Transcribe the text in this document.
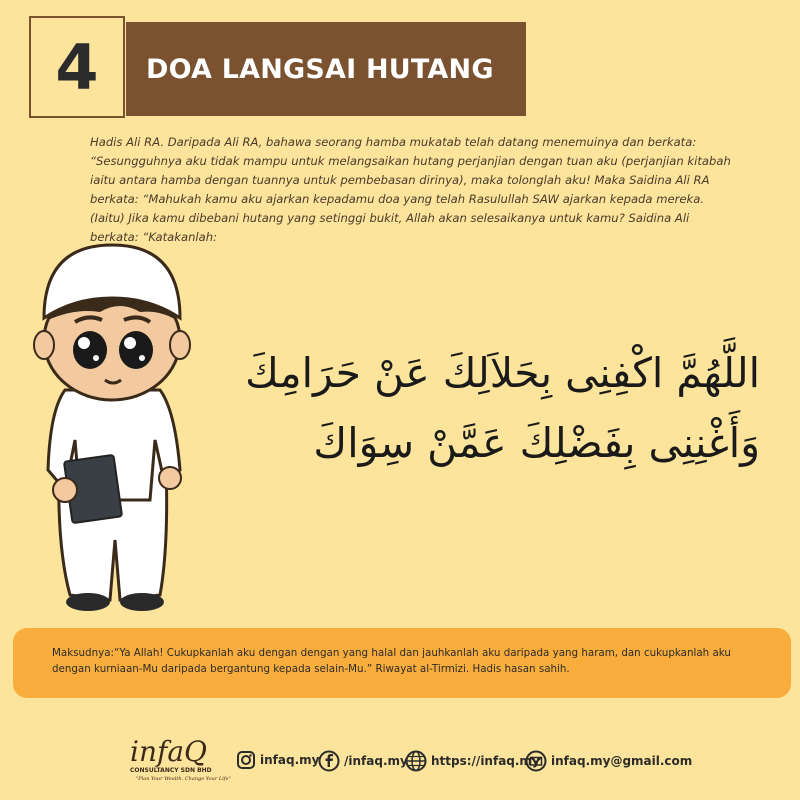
4 DOA LANGSAI HUTANG
Hadis Ali RA. Daripada Ali RA, bahawa seorang hamba mukatab telah datang menemuinya dan berkata: “Sesungguhnya aku tidak mampu untuk melangsaikan hutang perjanjian dengan tuan aku (perjanjian kitabah iaitu antara hamba dengan tuannya untuk pembebasan dirinya), maka tolonglah aku! Maka Saidina Ali RA berkata: “Mahukah kamu aku ajarkan kepadamu doa yang telah Rasulullah SAW ajarkan kepada mereka. (Iaitu) Jika kamu dibebani hutang yang setinggi bukit, Allah akan selesaikanya untuk kamu? Saidina Ali berkata: “Katakanlah:
اللَّهُمَّ اكْفِنِى بِحَلاَلِكَ عَنْ حَرَامِكَ
وَأَغْنِنِى بِفَضْلِكَ عَمَّنْ سِوَاكَ
Maksudnya:“Ya Allah! Cukupkanlah aku dengan dengan yang halal dan jauhkanlah aku daripada yang haram, dan cukupkanlah aku dengan kurniaan-Mu daripada bergantung kepada selain-Mu.” Riwayat al-Tirmizi. Hadis hasan sahih.
infaQ
CONSULTANCY SDN BHD
"Plan Your Wealth, Change Your Life"
infaq.my /infaq.my https://infaq.my infaq.my@gmail.com
